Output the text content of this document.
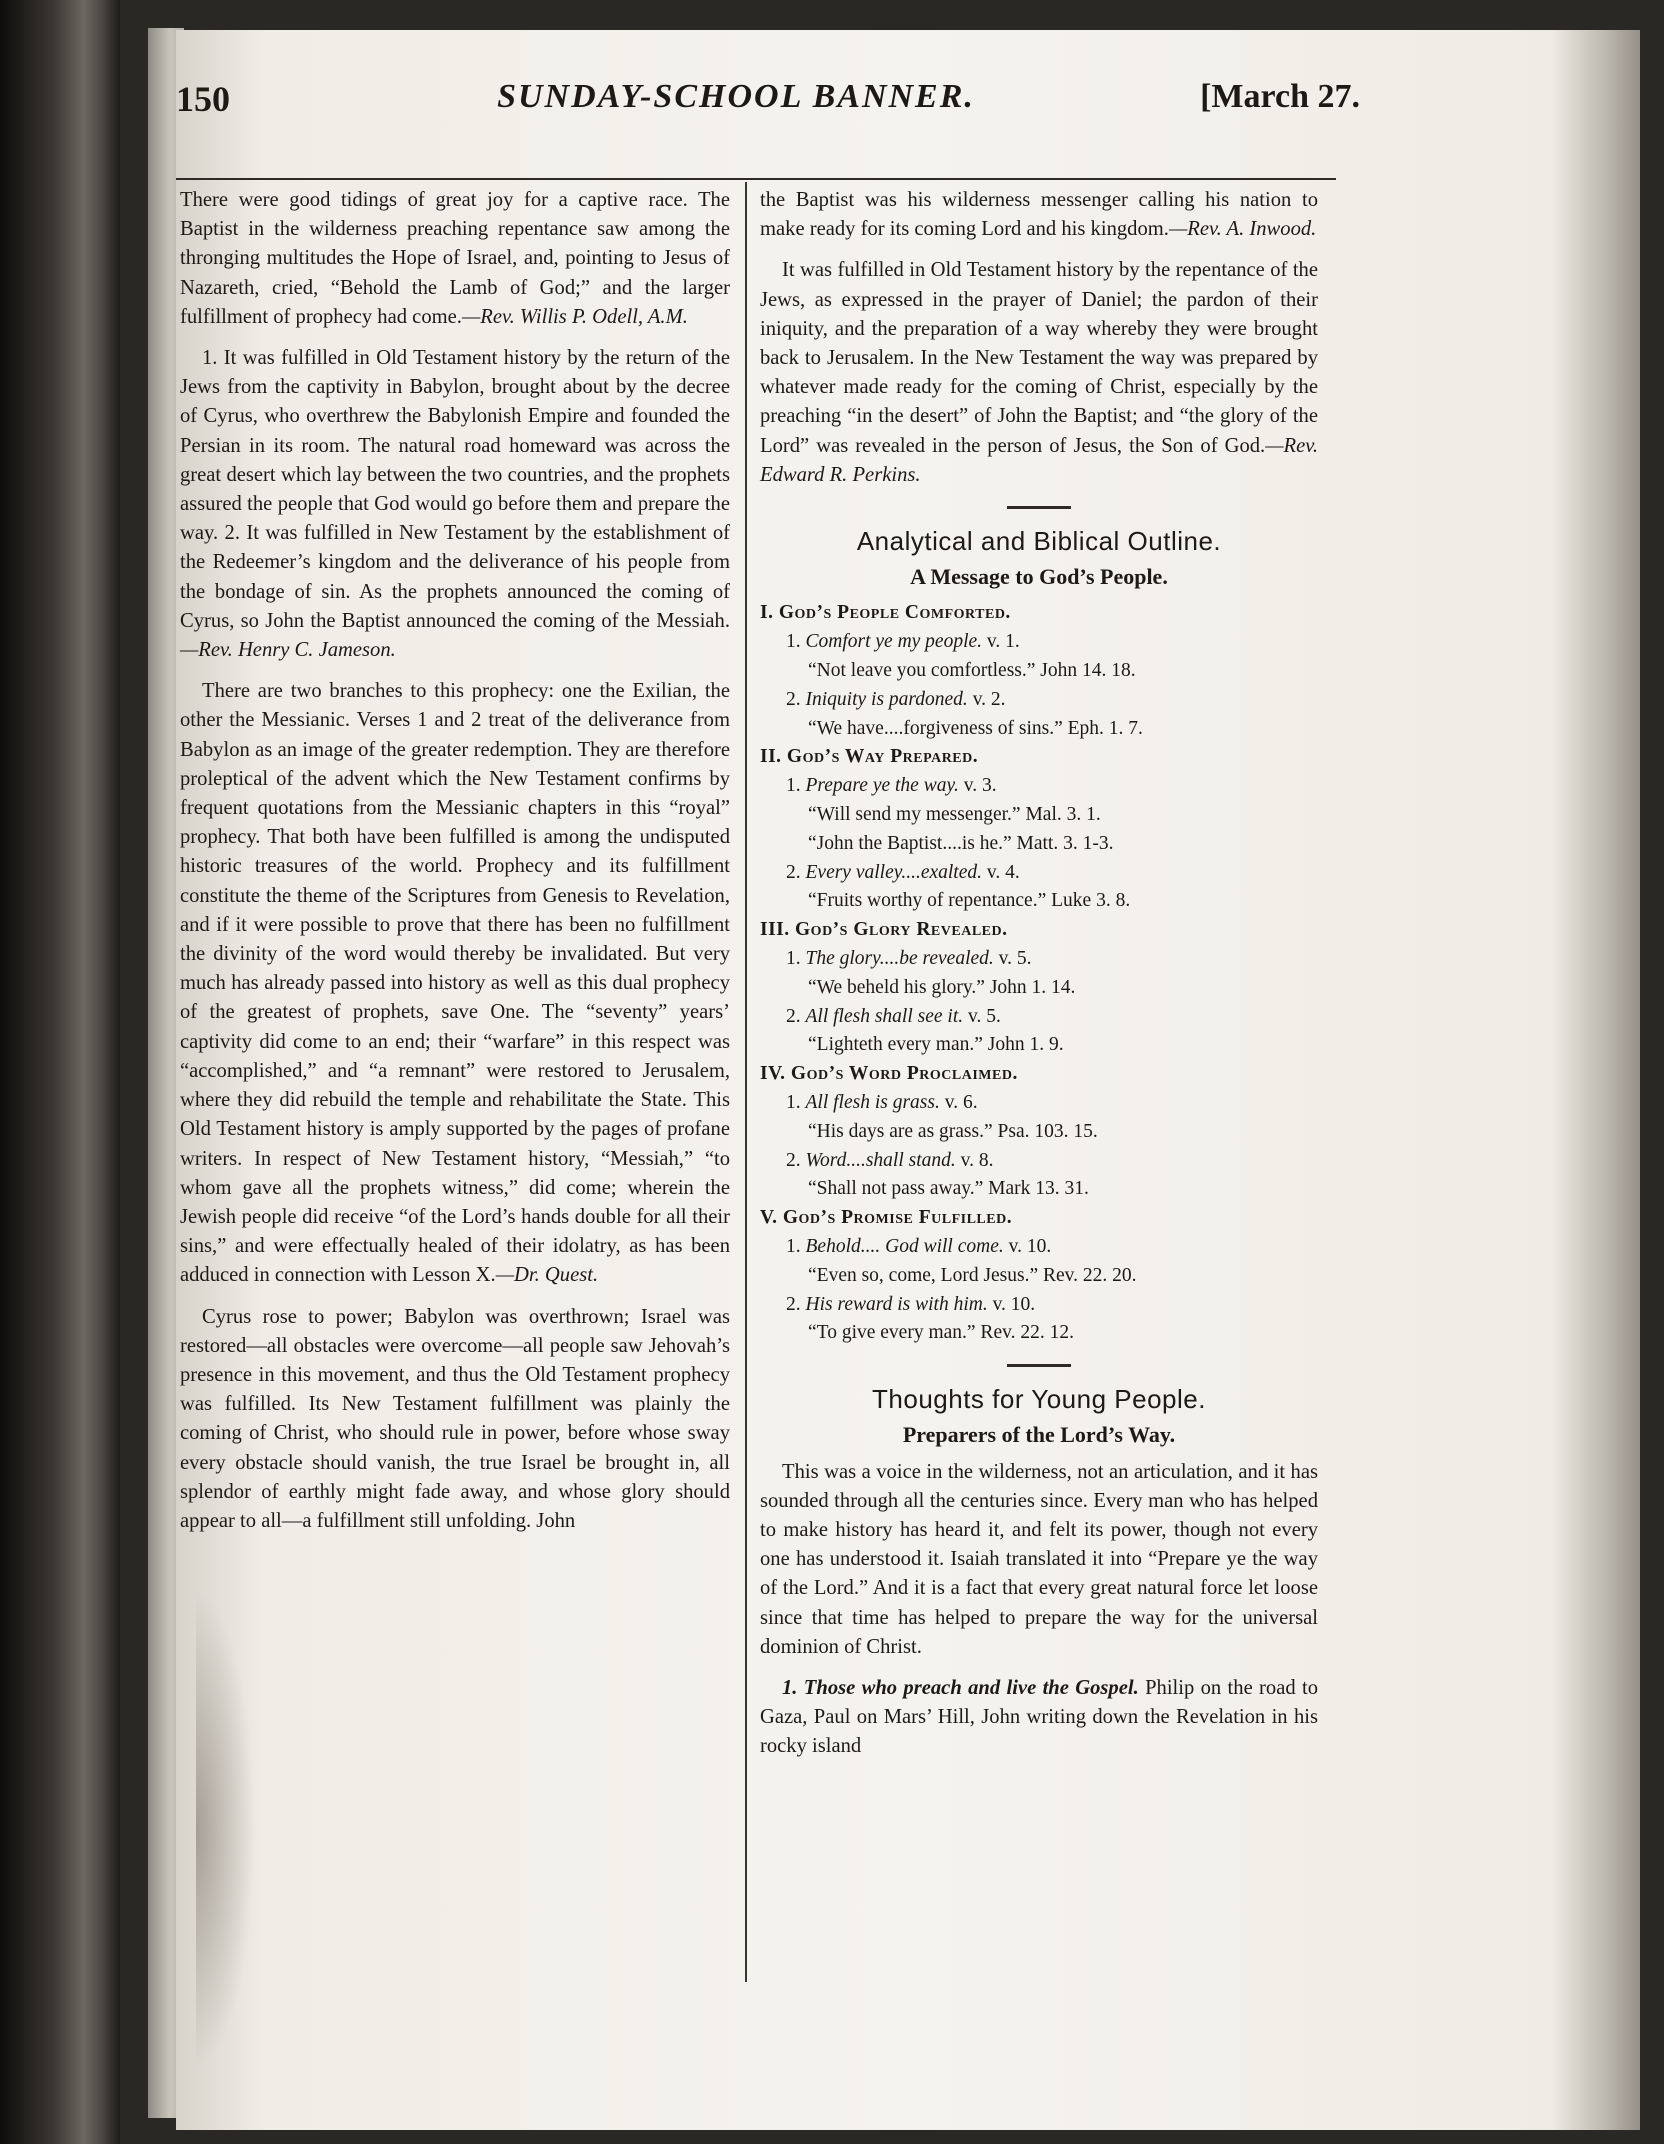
150	SUNDAY-SCHOOL BANNER.	[March 27.

There were good tidings of great joy for a captive race. The Baptist in the wilderness preaching repentance saw among the thronging multitudes the Hope of Israel, and, pointing to Jesus of Nazareth, cried, “Behold the Lamb of God;” and the larger fulfillment of prophecy had come.—Rev. Willis P. Odell, A.M.

1. It was fulfilled in Old Testament history by the return of the Jews from the captivity in Babylon, brought about by the decree of Cyrus, who overthrew the Babylonish Empire and founded the Persian in its room. The natural road homeward was across the great desert which lay between the two countries, and the prophets assured the people that God would go before them and prepare the way. 2. It was fulfilled in New Testament by the establishment of the Redeemer’s kingdom and the deliverance of his people from the bondage of sin. As the prophets announced the coming of Cyrus, so John the Baptist announced the coming of the Messiah.—Rev. Henry C. Jameson.

There are two branches to this prophecy: one the Exilian, the other the Messianic. Verses 1 and 2 treat of the deliverance from Babylon as an image of the greater redemption. They are therefore proleptical of the advent which the New Testament confirms by frequent quotations from the Messianic chapters in this “royal” prophecy. That both have been fulfilled is among the undisputed historic treasures of the world. Prophecy and its fulfillment constitute the theme of the Scriptures from Genesis to Revelation, and if it were possible to prove that there has been no fulfillment the divinity of the word would thereby be invalidated. But very much has already passed into history as well as this dual prophecy of the greatest of prophets, save One. The “seventy” years’ captivity did come to an end; their “warfare” in this respect was “accomplished,” and “a remnant” were restored to Jerusalem, where they did rebuild the temple and rehabilitate the State. This Old Testament history is amply supported by the pages of profane writers. In respect of New Testament history, “Messiah,” “to whom gave all the prophets witness,” did come; wherein the Jewish people did receive “of the Lord’s hands double for all their sins,” and were effectually healed of their idolatry, as has been adduced in connection with Lesson X.—Dr. Quest.

Cyrus rose to power; Babylon was overthrown; Israel was restored—all obstacles were overcome—all people saw Jehovah’s presence in this movement, and thus the Old Testament prophecy was fulfilled. Its New Testament fulfillment was plainly the coming of Christ, who should rule in power, before whose sway every obstacle should vanish, the true Israel be brought in, all splendor of earthly might fade away, and whose glory should appear to all—a fulfillment still unfolding. John

the Baptist was his wilderness messenger calling his nation to make ready for its coming Lord and his kingdom.—Rev. A. Inwood.

It was fulfilled in Old Testament history by the repentance of the Jews, as expressed in the prayer of Daniel; the pardon of their iniquity, and the preparation of a way whereby they were brought back to Jerusalem. In the New Testament the way was prepared by whatever made ready for the coming of Christ, especially by the preaching “in the desert” of John the Baptist; and “the glory of the Lord” was revealed in the person of Jesus, the Son of God.—Rev. Edward R. Perkins.

Analytical and Biblical Outline.
A Message to God’s People.
I. God’s People Comforted.
1. Comfort ye my people. v. 1.
“Not leave you comfortless.” John 14. 18.
2. Iniquity is pardoned. v. 2.
“We have....forgiveness of sins.” Eph. 1. 7.
II. God’s Way Prepared.
1. Prepare ye the way. v. 3.
“Will send my messenger.” Mal. 3. 1.
“John the Baptist....is he.” Matt. 3. 1-3.
2. Every valley....exalted. v. 4.
“Fruits worthy of repentance.” Luke 3. 8.
III. God’s Glory Revealed.
1. The glory....be revealed. v. 5.
“We beheld his glory.” John 1. 14.
2. All flesh shall see it. v. 5.
“Lighteth every man.” John 1. 9.
IV. God’s Word Proclaimed.
1. All flesh is grass. v. 6.
“His days are as grass.” Psa. 103. 15.
2. Word....shall stand. v. 8.
“Shall not pass away.” Mark 13. 31.
V. God’s Promise Fulfilled.
1. Behold.... God will come. v. 10.
“Even so, come, Lord Jesus.” Rev. 22. 20.
2. His reward is with him. v. 10.
“To give every man.” Rev. 22. 12.
Thoughts for Young People.
Preparers of the Lord’s Way.

This was a voice in the wilderness, not an articulation, and it has sounded through all the centuries since. Every man who has helped to make history has heard it, and felt its power, though not every one has understood it. Isaiah translated it into “Prepare ye the way of the Lord.” And it is a fact that every great natural force let loose since that time has helped to prepare the way for the universal dominion of Christ.

1. Those who preach and live the Gospel. Philip on the road to Gaza, Paul on Mars’ Hill, John writing down the Revelation in his rocky island
